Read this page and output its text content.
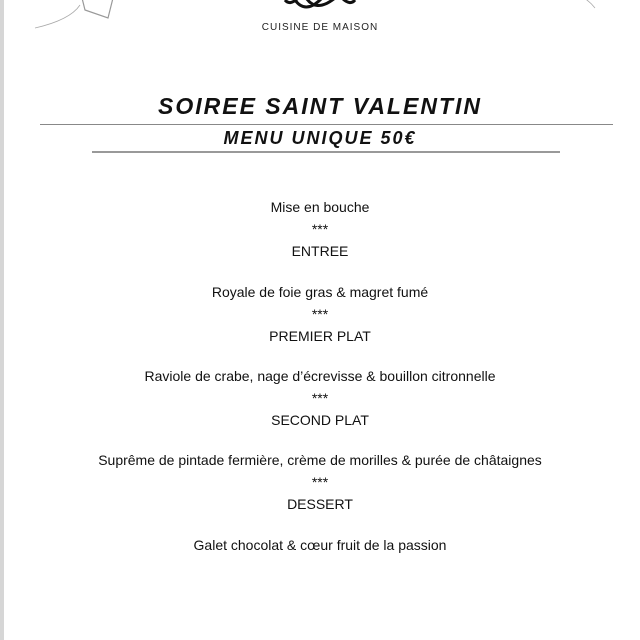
CUISINE DE MAISON
SOIREE SAINT VALENTIN
MENU UNIQUE 50€
Mise en bouche
***
ENTREE
Royale de foie gras & magret fumé
***
PREMIER PLAT
Raviole de crabe, nage d’écrevisse & bouillon citronnelle
***
SECOND PLAT
Suprême de pintade fermière, crème de morilles & purée de châtaignes
***
DESSERT
Galet chocolat & cœur fruit de la passion
